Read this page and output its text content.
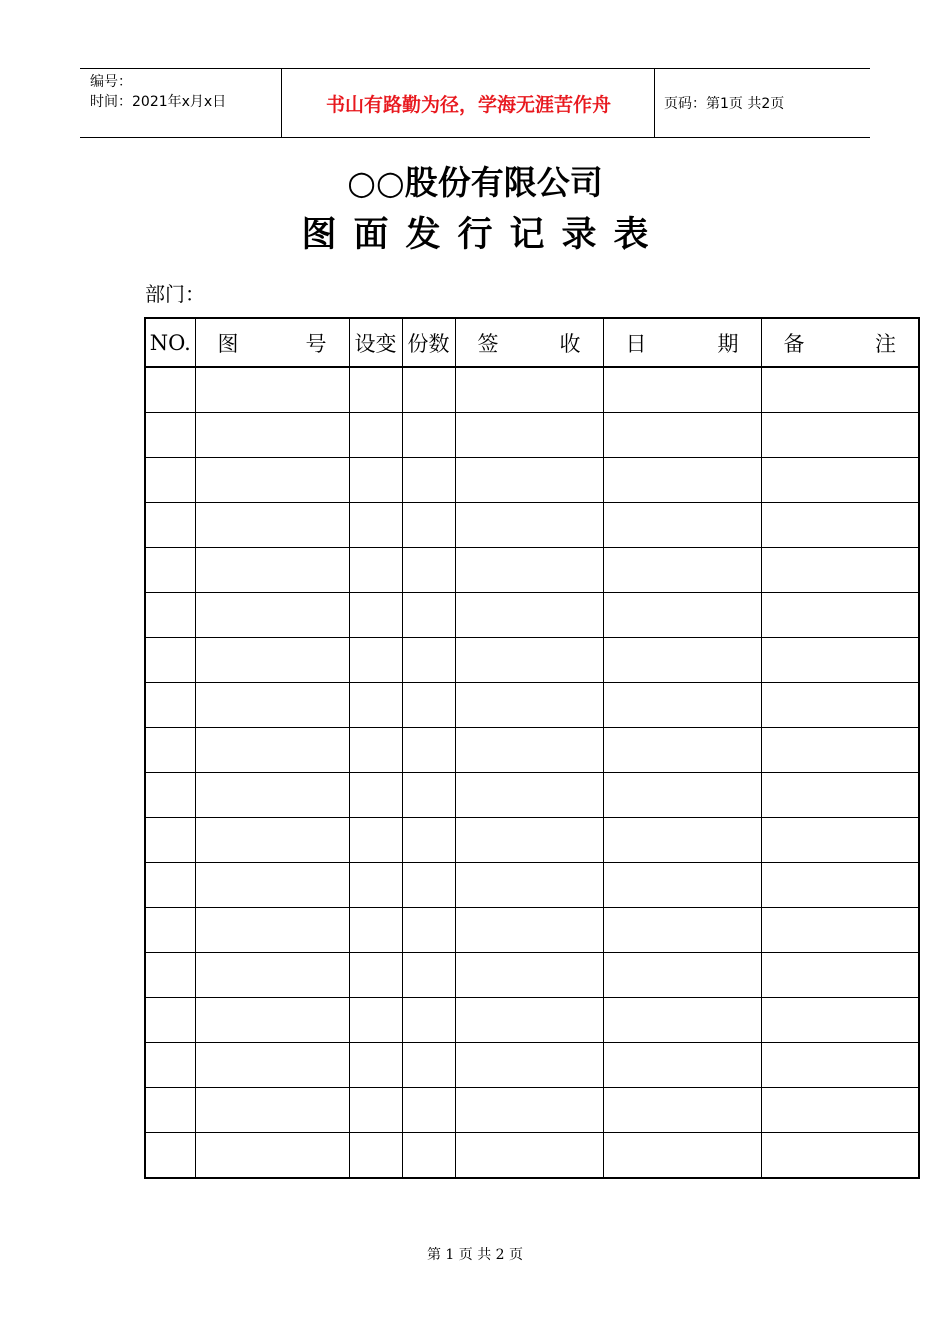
编号：
时间：2021年x月x日	书山有路勤为径，学海无涯苦作舟	页码：第1页 共2页
○○股份有限公司
图面发行记录表
部门：
NO.	图 号	设变	份数	签 收	日 期	备 注

第 1 页 共 2 页
